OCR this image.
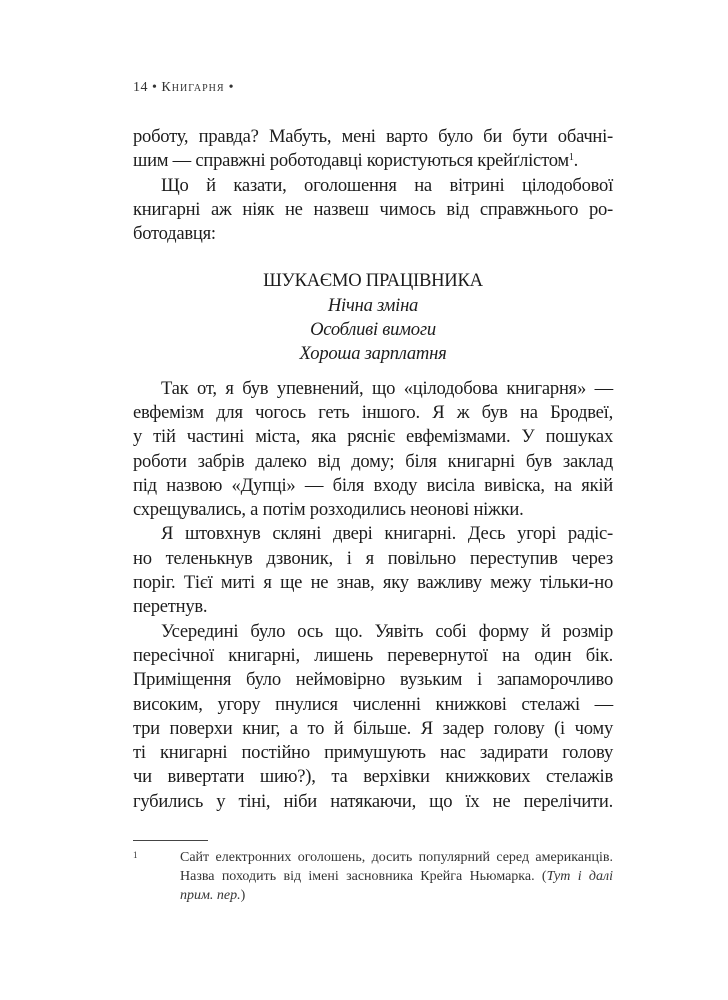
14 • Книгарня •
роботу, правда? Мабуть, мені варто було би бути обачні-
шим — справжні роботодавці користуються крейґлістом$^1$.
Що й казати, оголошення на вітрині цілодобової
книгарні аж ніяк не назвеш чимось від справжнього ро-
ботодавця:
ШУКАЄМО ПРАЦІВНИКА
Нічна зміна
Особливі вимоги
Хороша зарплатня
Так от, я був упевнений, що «цілодобова книгарня» —
евфемізм для чогось геть іншого. Я ж був на Бродвеї,
у тій частині міста, яка рясніє евфемізмами. У пошуках
роботи забрів далеко від дому; біля книгарні був заклад
під назвою «Дупці» — біля входу висіла вивіска, на якій
схрещувались, а потім розходились неонові ніжки.
Я штовхнув скляні двері книгарні. Десь угорі радіс-
но теленькнув дзвоник, і я повільно переступив через
поріг. Тієї миті я ще не знав, яку важливу межу тільки-но
перетнув.
Усередині було ось що. Уявіть собі форму й розмір
пересічної книгарні, лишень перевернутої на один бік.
Приміщення було неймовірно вузьким і запаморочливо
високим, угору пнулися численні книжкові стелажі —
три поверхи книг, а то й більше. Я задер голову (і чому
ті книгарні постійно примушують нас задирати голову
чи вивертати шию?), та верхівки книжкових стелажів
губились у тіні, ніби натякаючи, що їх не перелічити.
1	Сайт електронних оголошень, досить популярний серед американців.
Назва походить від імені засновника Крейга Ньюмарка. (Тут і далі
прим. пер.)
